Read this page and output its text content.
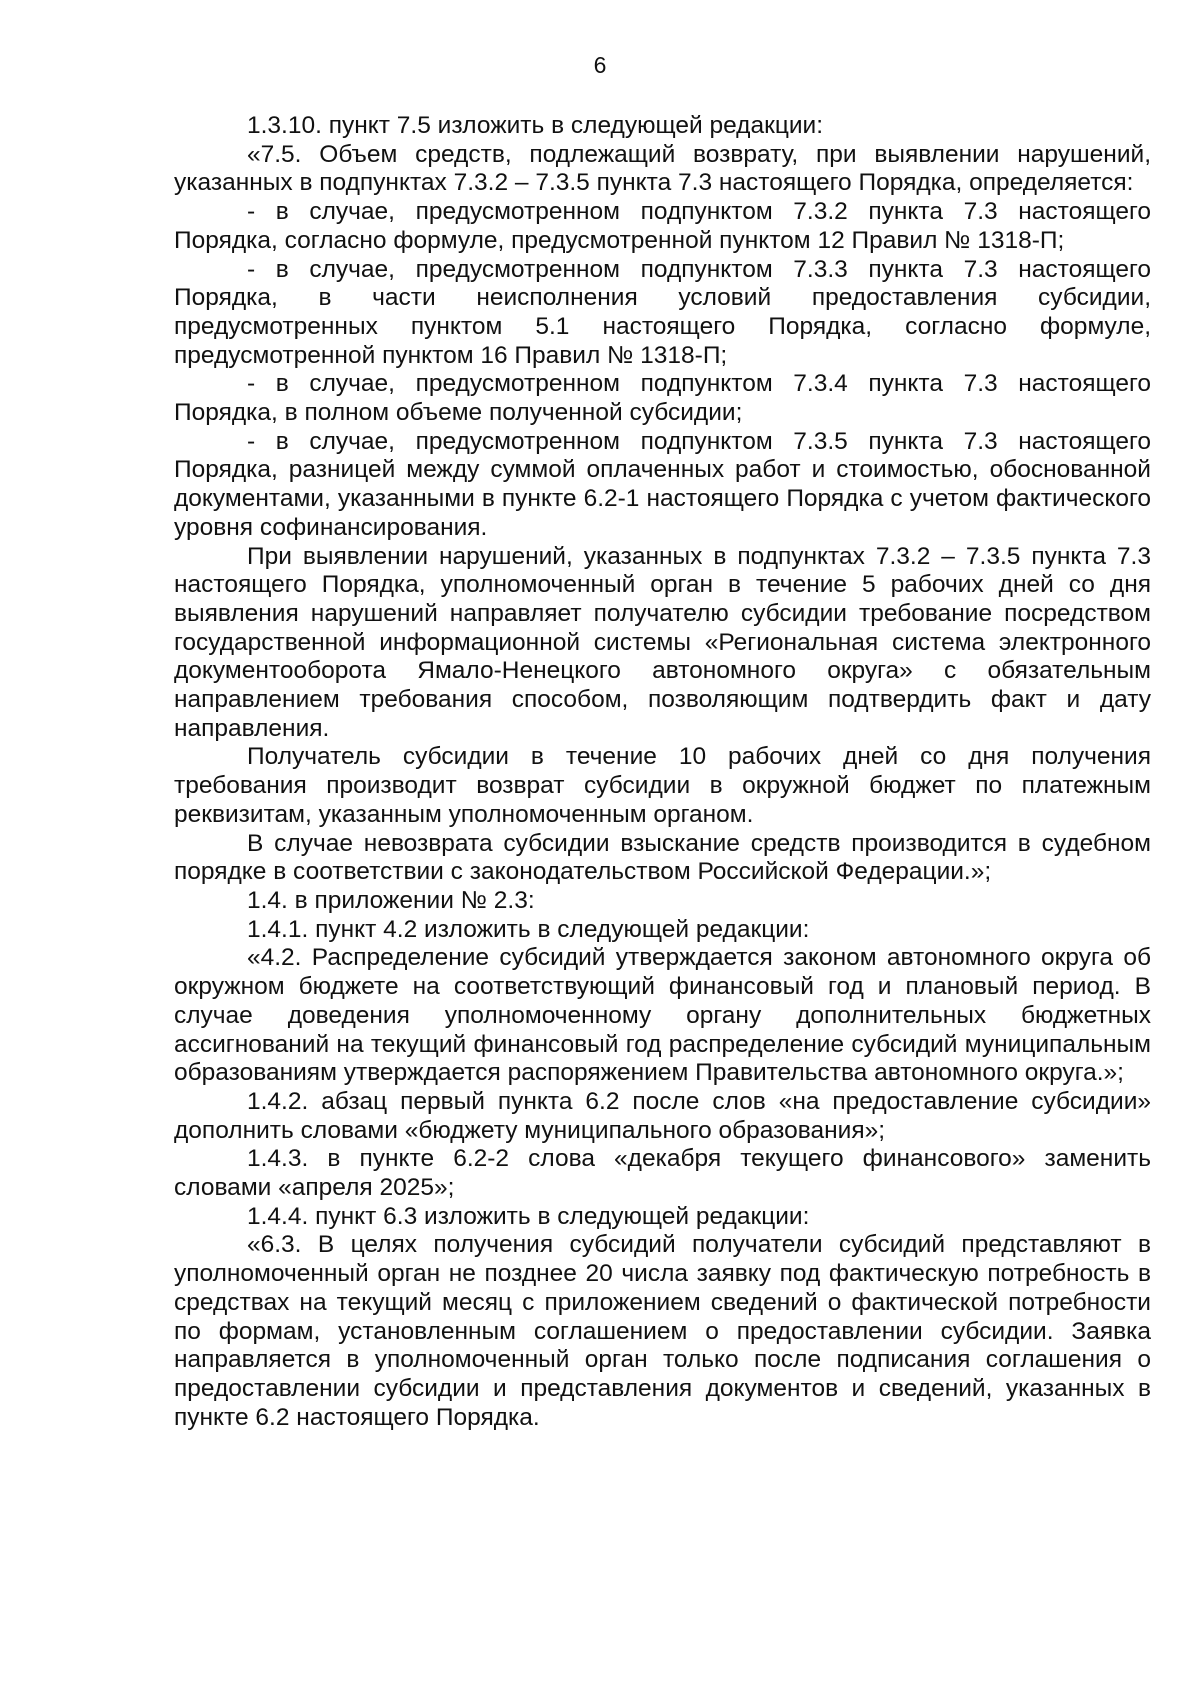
6

1.3.10. пункт 7.5 изложить в следующей редакции:

«7.5. Объем средств, подлежащий возврату, при выявлении нарушений, указанных в подпунктах 7.3.2 – 7.3.5 пункта 7.3 настоящего Порядка, определяется:

- в случае, предусмотренном подпунктом 7.3.2 пункта 7.3 настоящего Порядка, согласно формуле, предусмотренной пунктом 12 Правил № 1318-П;

- в случае, предусмотренном подпунктом 7.3.3 пункта 7.3 настоящего Порядка, в части неисполнения условий предоставления субсидии, предусмотренных пунктом 5.1 настоящего Порядка, согласно формуле, предусмотренной пунктом 16 Правил № 1318-П;

- в случае, предусмотренном подпунктом 7.3.4 пункта 7.3 настоящего Порядка, в полном объеме полученной субсидии;

- в случае, предусмотренном подпунктом 7.3.5 пункта 7.3 настоящего Порядка, разницей между суммой оплаченных работ и стоимостью, обоснованной документами, указанными в пункте 6.2-1 настоящего Порядка с учетом фактического уровня софинансирования.

При выявлении нарушений, указанных в подпунктах 7.3.2 – 7.3.5 пункта 7.3 настоящего Порядка, уполномоченный орган в течение 5 рабочих дней со дня выявления нарушений направляет получателю субсидии требование посредством государственной информационной системы «Региональная система электронного документооборота Ямало-Ненецкого автономного округа» с обязательным направлением требования способом, позволяющим подтвердить факт и дату направления.

Получатель субсидии в течение 10 рабочих дней со дня получения требования производит возврат субсидии в окружной бюджет по платежным реквизитам, указанным уполномоченным органом.

В случае невозврата субсидии взыскание средств производится в судебном порядке в соответствии с законодательством Российской Федерации.»;

1.4. в приложении № 2.3:

1.4.1. пункт 4.2 изложить в следующей редакции:

«4.2. Распределение субсидий утверждается законом автономного округа об окружном бюджете на соответствующий финансовый год и плановый период. В случае доведения уполномоченному органу дополнительных бюджетных ассигнований на текущий финансовый год распределение субсидий муниципальным образованиям утверждается распоряжением Правительства автономного округа.»;

1.4.2. абзац первый пункта 6.2 после слов «на предоставление субсидии» дополнить словами «бюджету муниципального образования»;

1.4.3. в пункте 6.2-2 слова «декабря текущего финансового» заменить словами «апреля 2025»;

1.4.4. пункт 6.3 изложить в следующей редакции:

«6.3. В целях получения субсидий получатели субсидий представляют в уполномоченный орган не позднее 20 числа заявку под фактическую потребность в средствах на текущий месяц с приложением сведений о фактической потребности по формам, установленным соглашением о предоставлении субсидии. Заявка направляется в уполномоченный орган только после подписания соглашения о предоставлении субсидии и представления документов и сведений, указанных в пункте 6.2 настоящего Порядка.
